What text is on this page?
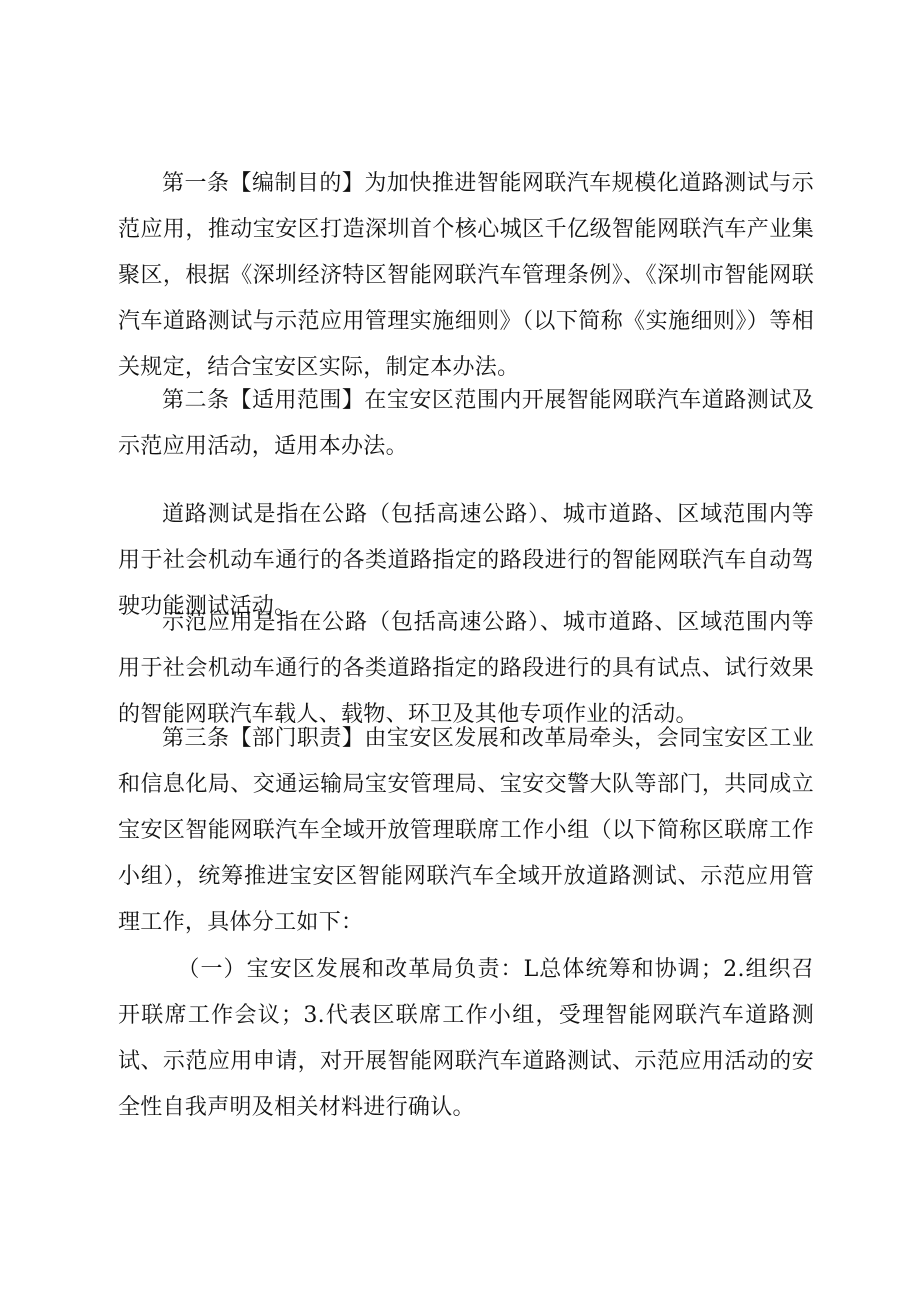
第一条【编制目的】为加快推进智能网联汽车规模化道路测试与示范应用，推动宝安区打造深圳首个核心城区千亿级智能网联汽车产业集聚区，根据《深圳经济特区智能网联汽车管理条例》、《深圳市智能网联汽车道路测试与示范应用管理实施细则》（以下简称《实施细则》）等相关规定，结合宝安区实际，制定本办法。

第二条【适用范围】在宝安区范围内开展智能网联汽车道路测试及示范应用活动，适用本办法。

道路测试是指在公路（包括高速公路）、城市道路、区域范围内等用于社会机动车通行的各类道路指定的路段进行的智能网联汽车自动驾驶功能测试活动。

示范应用是指在公路（包括高速公路）、城市道路、区域范围内等用于社会机动车通行的各类道路指定的路段进行的具有试点、试行效果的智能网联汽车载人、载物、环卫及其他专项作业的活动。

第三条【部门职责】由宝安区发展和改革局牵头，会同宝安区工业和信息化局、交通运输局宝安管理局、宝安交警大队等部门，共同成立宝安区智能网联汽车全域开放管理联席工作小组（以下简称区联席工作小组），统筹推进宝安区智能网联汽车全域开放道路测试、示范应用管理工作，具体分工如下：

（一）宝安区发展和改革局负责：L总体统筹和协调；2.组织召开联席工作会议；3.代表区联席工作小组，受理智能网联汽车道路测试、示范应用申请，对开展智能网联汽车道路测试、示范应用活动的安全性自我声明及相关材料进行确认。
